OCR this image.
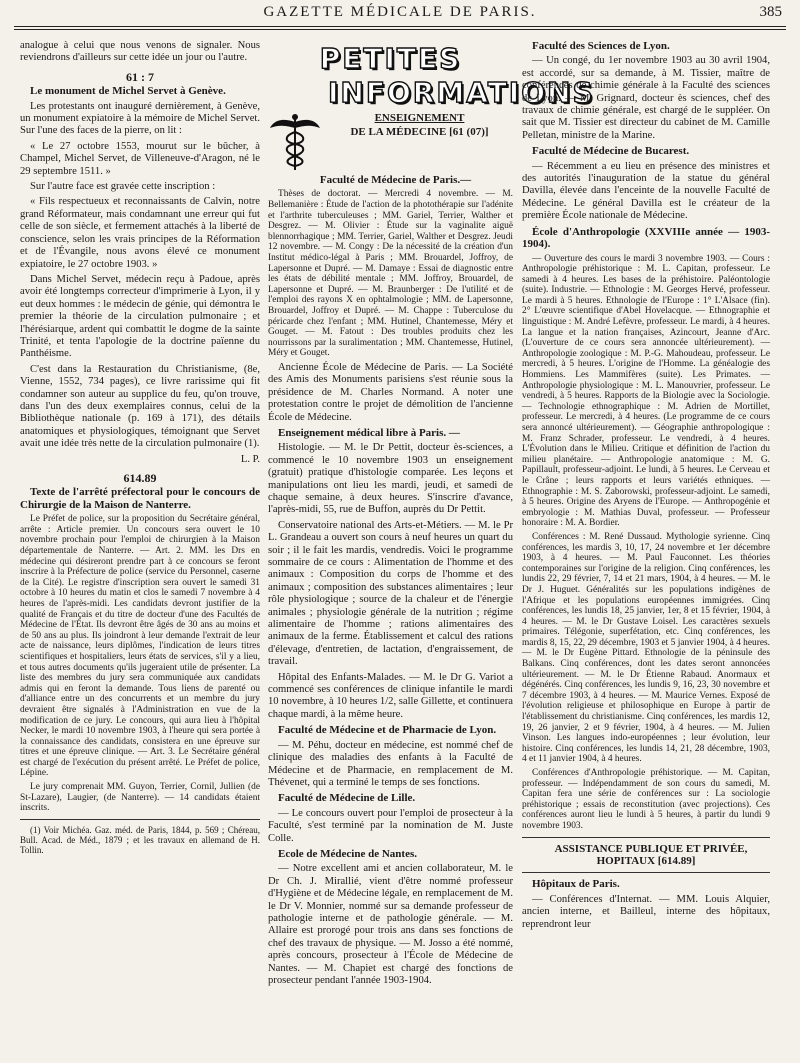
GAZETTE MÉDICALE DE PARIS.	385

analogue à celui que nous venons de signaler. Nous reviendrons d'ailleurs sur cette idée un jour ou l'autre.

61 : 7

Le monument de Michel Servet à Genève.

Les protestants ont inauguré dernièrement, à Genève, un monument expiatoire à la mémoire de Michel Servet. Sur l'une des faces de la pierre, on lit :

« Le 27 octobre 1553, mourut sur le bûcher, à Champel, Michel Servet, de Villeneuve-d'Aragon, né le 29 septembre 1511. »

Sur l'autre face est gravée cette inscription :

« Fils respectueux et reconnaissants de Calvin, notre grand Réformateur, mais condamnant une erreur qui fut celle de son siècle, et fermement attachés à la liberté de conscience, selon les vrais principes de la Réformation et de l'Évangile, nous avons élevé ce monument expiatoire, le 27 octobre 1903. »

Dans Michel Servet, médecin reçu à Padoue, après avoir été longtemps correcteur d'imprimerie à Lyon, il y eut deux hommes : le médecin de génie, qui démontra le premier la théorie de la circulation pulmonaire ; et l'hérésiarque, ardent qui combattit le dogme de la sainte Trinité, et tenta l'apologie de la doctrine païenne du Panthéisme.

C'est dans la Restauration du Christianisme, (8e, Vienne, 1552, 734 pages), ce livre rarissime qui fit condamner son auteur au supplice du feu, qu'on trouve, dans l'un des deux exemplaires connus, celui de la Bibliothèque nationale (p. 169 à 171), des détails anatomiques et physiologiques, témoignant que Servet avait une idée très nette de la circulation pulmonaire (1).

L. P.

614.89

Texte de l'arrêté préfectoral pour le concours de Chirurgie de la Maison de Nanterre.

Le Préfet de police, sur la proposition du Secrétaire général, arrête : Article premier. Un concours sera ouvert le 10 novembre prochain pour l'emploi de chirurgien à la Maison départementale de Nanterre. — Art. 2. MM. les Drs en médecine qui désireront prendre part à ce concours se feront inscrire à la Préfecture de police (service du Personnel, caserne de la Cité). Le registre d'inscription sera ouvert le samedi 31 octobre à 10 heures du matin et clos le samedi 7 novembre à 4 heures de l'après-midi. Les candidats devront justifier de la qualité de Français et du titre de docteur d'une des Facultés de Médecine de l'État. Ils devront être âgés de 30 ans au moins et de 50 ans au plus. Ils joindront à leur demande l'extrait de leur acte de naissance, leurs diplômes, l'indication de leurs titres scientifiques et hospitaliers, leurs états de services, s'il y a lieu, et tous autres documents qu'ils jugeraient utile de présenter. La liste des membres du jury sera communiquée aux candidats admis qui en feront la demande. Tous liens de parenté ou d'alliance entre un des concurrents et un membre du jury devraient être signalés à l'Administration en vue de la modification de ce jury. Le concours, qui aura lieu à l'hôpital Necker, le mardi 10 novembre 1903, à l'heure qui sera portée à la connaissance des candidats, consistera en une épreuve sur titres et une épreuve clinique. — Art. 3. Le Secrétaire général est chargé de l'exécution du présent arrêté. Le Préfet de police, Lépine.

Le jury comprenait MM. Guyon, Terrier, Cornil, Jullien (de St-Lazare), Laugier, (de Nanterre). — 14 candidats étaient inscrits.

(1) Voir Michéa. Gaz. méd. de Paris, 1844, p. 569 ; Chéreau, Bull. Acad. de Méd., 1879 ; et les travaux en allemand de H. Tollin.

PETITES
INFORMATIONS
ENSEIGNEMENT
DE LA MÉDECINE [61 (07)]

Faculté de Médecine de Paris.—

Thèses de doctorat. — Mercredi 4 novembre. — M. Bellemanière : Étude de l'action de la photothérapie sur l'adénite et l'arthrite tuberculeuses ; MM. Gariel, Terrier, Walther et Desgrez. — M. Olivier : Étude sur la vaginalite aiguë blennorrhagique ; MM. Terrier, Gariel, Walther et Desgrez. Jeudi 12 novembre. — M. Congy : De la nécessité de la création d'un Institut médico-légal à Paris ; MM. Brouardel, Joffroy, de Lapersonne et Dupré. — M. Damaye : Essai de diagnostic entre les états de débilité mentale ; MM. Joffroy, Brouardel, de Lapersonne et Dupré. — M. Braunberger : De l'utilité et de l'emploi des rayons X en ophtalmologie ; MM. de Lapersonne, Brouardel, Joffroy et Dupré. — M. Chappe : Tuberculose du péricarde chez l'enfant ; MM. Hutinel, Chantemesse, Méry et Gouget. — M. Fatout : Des troubles produits chez les nourrissons par la suralimentation ; MM. Chantemesse, Hutinel, Méry et Gouget.

Ancienne École de Médecine de Paris. — La Société des Amis des Monuments parisiens s'est réunie sous la présidence de M. Charles Normand. A noter une protestation contre le projet de démolition de l'ancienne École de Médecine.

Enseignement médical libre à Paris. —

Histologie. — M. le Dr Pettit, docteur ès-sciences, a commencé le 10 novembre 1903 un enseignement (gratuit) pratique d'histologie comparée. Les leçons et manipulations ont lieu les mardi, jeudi, et samedi de chaque semaine, à deux heures. S'inscrire d'avance, l'après-midi, 55, rue de Buffon, auprès du Dr Pettit.

Conservatoire national des Arts-et-Métiers. — M. le Pr L. Grandeau a ouvert son cours à neuf heures un quart du soir ; il le fait les mardis, vendredis. Voici le programme sommaire de ce cours : Alimentation de l'homme et des animaux : Composition du corps de l'homme et des animaux ; composition des substances alimentaires ; leur rôle physiologique ; source de la chaleur et de l'énergie animales ; physiologie générale de la nutrition ; régime alimentaire de l'homme ; rations alimentaires des animaux de la ferme. Établissement et calcul des rations d'élevage, d'entretien, de lactation, d'engraissement, de travail.

Hôpital des Enfants-Malades. — M. le Dr G. Variot a commencé ses conférences de clinique infantile le mardi 10 novembre, à 10 heures 1/2, salle Gillette, et continuera chaque mardi, à la même heure.

Faculté de Médecine et de Pharmacie de Lyon.

— M. Péhu, docteur en médecine, est nommé chef de clinique des maladies des enfants à la Faculté de Médecine et de Pharmacie, en remplacement de M. Thévenet, qui a terminé le temps de ses fonctions.

Faculté de Médecine de Lille.

— Le concours ouvert pour l'emploi de prosecteur à la Faculté, s'est terminé par la nomination de M. Juste Colle.

Ecole de Médecine de Nantes.

— Notre excellent ami et ancien collaborateur, M. le Dr Ch. J. Mirallié, vient d'être nommé professeur d'Hygiène et de Médecine légale, en remplacement de M. le Dr V. Monnier, nommé sur sa demande professeur de pathologie interne et de pathologie générale. — M. Allaire est prorogé pour trois ans dans ses fonctions de chef des travaux de physique. — M. Josso a été nommé, après concours, prosecteur à l'École de Médecine de Nantes. — M. Chapiet est chargé des fonctions de prosecteur pendant l'année 1903-1904.

Faculté des Sciences de Lyon.

— Un congé, du 1er novembre 1903 au 30 avril 1904, est accordé, sur sa demande, à M. Tissier, maître de conférences de chimie générale à la Faculté des sciences de Lyon. — M. Grignard, docteur ès sciences, chef des travaux de chimie générale, est chargé de le suppléer. On sait que M. Tissier est directeur du cabinet de M. Camille Pelletan, ministre de la Marine.

Faculté de Médecine de Bucarest.

— Récemment a eu lieu en présence des ministres et des autorités l'inauguration de la statue du général Davilla, élevée dans l'enceinte de la nouvelle Faculté de Médecine. Le général Davilla est le créateur de la première École nationale de Médecine.

École d'Anthropologie (XXVIIIe année — 1903-1904).

— Ouverture des cours le mardi 3 novembre 1903. — Cours : Anthropologie préhistorique : M. L. Capitan, professeur. Le samedi à 4 heures. Les bases de la préhistoire. Paléontologie (suite). Industrie. — Ethnologie : M. Georges Hervé, professeur. Le mardi à 5 heures. Ethnologie de l'Europe : 1° L'Alsace (fin). 2° L'œuvre scientifique d'Abel Hovelacque. — Ethnographie et linguistique : M. André Lefèvre, professeur. Le mardi, à 4 heures. La langue et la nation françaises, Azincourt, Jeanne d'Arc. (L'ouverture de ce cours sera annoncée ultérieurement). — Anthropologie zoologique : M. P.-G. Mahoudeau, professeur. Le mercredi, à 5 heures. L'origine de l'Homme. La généalogie des Hommiens. Les Mammifères (suite). Les Primates. — Anthropologie physiologique : M. L. Manouvrier, professeur. Le vendredi, à 5 heures. Rapports de la Biologie avec la Sociologie. — Technologie ethnographique : M. Adrien de Mortillet, professeur. Le mercredi, à 4 heures. (Le programme de ce cours sera annoncé ultérieurement). — Géographie anthropologique : M. Franz Schrader, professeur. Le vendredi, à 4 heures. L'Évolution dans le Milieu. Critique et définition de l'action du milieu planétaire. — Anthropologie anatomique : M. G. Papillault, professeur-adjoint. Le lundi, à 5 heures. Le Cerveau et le Crâne ; leurs rapports et leurs variétés ethniques. — Ethnographie : M. S. Zaborowski, professeur-adjoint. Le samedi, à 5 heures. Origine des Aryens de l'Europe. — Anthropogénie et embryologie : M. Mathias Duval, professeur. — Professeur honoraire : M. A. Bordier.

Conférences : M. René Dussaud. Mythologie syrienne. Cinq conférences, les mardis 3, 10, 17, 24 novembre et 1er décembre 1903, à 4 heures. — M. Paul Fauconnet. Les théories contemporaines sur l'origine de la religion. Cinq conférences, les lundis 22, 29 février, 7, 14 et 21 mars, 1904, à 4 heures. — M. le Dr J. Huguet. Généralités sur les populations indigènes de l'Afrique et les populations européennes immigrées. Cinq conférences, les lundis 18, 25 janvier, 1er, 8 et 15 février, 1904, à 4 heures. — M. le Dr Gustave Loisel. Les caractères sexuels primaires. Télégonie, superfétation, etc. Cinq conférences, les mardis 8, 15, 22, 29 décembre, 1903 et 5 janvier 1904, à 4 heures. — M. le Dr Eugène Pittard. Ethnologie de la péninsule des Balkans. Cinq conférences, dont les dates seront annoncées ultérieurement. — M. le Dr Étienne Rabaud. Anormaux et dégénérés. Cinq conférences, les lundis 9, 16, 23, 30 novembre et 7 décembre 1903, à 4 heures. — M. Maurice Vernes. Exposé de l'évolution religieuse et philosophique en Europe à partir de l'établissement du christianisme. Cinq conférences, les mardis 12, 19, 26 janvier, 2 et 9 février, 1904, à 4 heures. — M. Julien Vinson. Les langues indo-européennes ; leur évolution, leur histoire. Cinq conférences, les lundis 14, 21, 28 décembre, 1903, 4 et 11 janvier 1904, à 4 heures.

Conférences d'Anthropologie préhistorique. — M. Capitan, professeur. — Indépendamment de son cours du samedi, M. Capitan fera une série de conférences sur : La sociologie préhistorique ; essais de reconstitution (avec projections). Ces conférences auront lieu le lundi à 5 heures, à partir du lundi 9 novembre 1903.

ASSISTANCE PUBLIQUE ET PRIVÉE, HOPITAUX [614.89]

Hôpitaux de Paris.

— Conférences d'Internat. — MM. Louis Alquier, ancien interne, et Bailleul, interne des hôpitaux, reprendront leur
